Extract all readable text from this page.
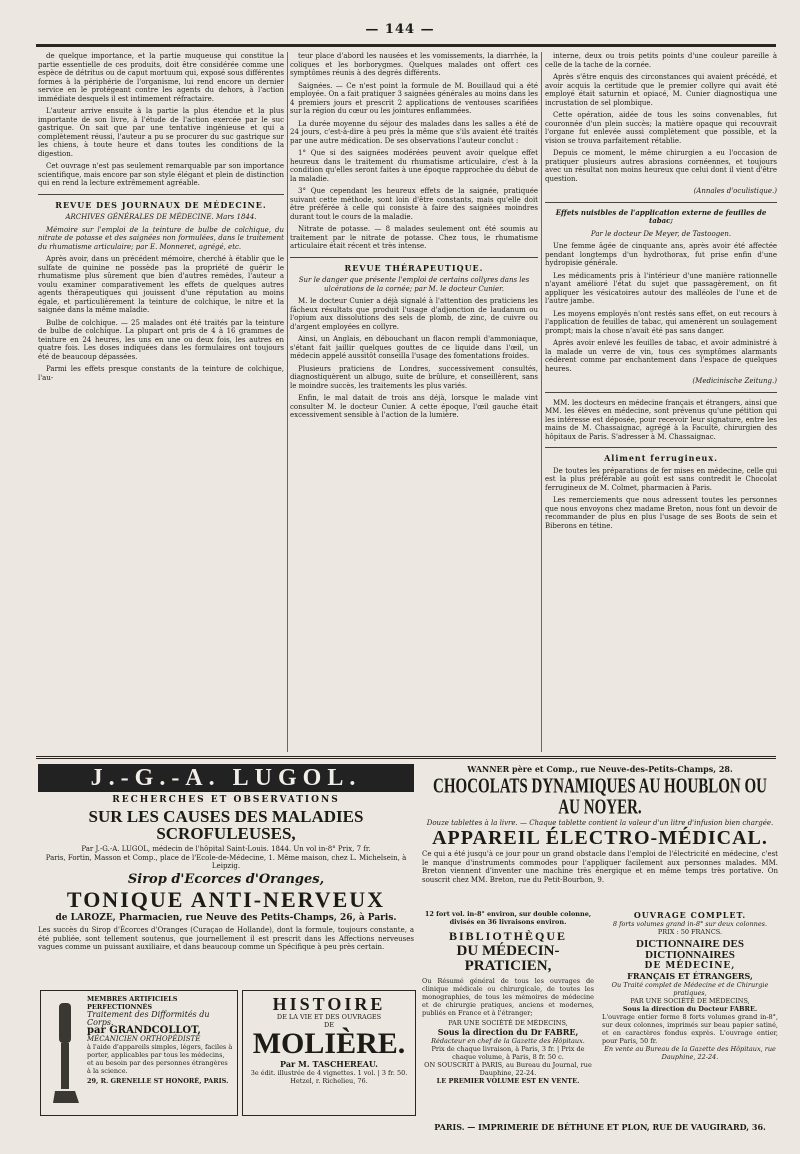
— 144 —

de quelque importance, et la partie muqueuse qui constitue la partie essentielle de ces produits, doit être considérée comme une espèce de détritus ou de caput mortuum qui, exposé sous différentes formes à la périphérie de l'organisme, lui rend encore un dernier service en le protégeant contre les agents du dehors, à l'action immédiate desquels il est intimement réfractaire.

L'auteur arrive ensuite à la partie la plus étendue et la plus importante de son livre, à l'étude de l'action exercée par le suc gastrique. On sait que par une tentative ingénieuse et qui a complètement réussi, l'auteur a pu se procurer du suc gastrique sur les chiens, à toute heure et dans toutes les conditions de la digestion.

Cet ouvrage n'est pas seulement remarquable par son importance scientifique, mais encore par son style élégant et plein de distinction qui en rend la lecture extrêmement agréable.

REVUE DES JOURNAUX DE MÉDECINE.
ARCHIVES GÉNÉRALES DE MÉDECINE. Mars 1844.

Mémoire sur l'emploi de la teinture de bulbe de colchique, du nitrate de potasse et des saignées non formulées, dans le traitement du rhumatisme articulaire; par E. Monneret, agrégé, etc.

Après avoir, dans un précédent mémoire, cherché à établir que le sulfate de quinine ne possède pas la propriété de guérir le rhumatisme plus sûrement que bien d'autres remèdes, l'auteur a voulu examiner comparativement les effets de quelques autres agents thérapeutiques qui jouissent d'une réputation au moins égale, et particulièrement la teinture de colchique, le nitre et la saignée dans la même maladie.

Bulbe de colchique. — 25 malades ont été traités par la teinture de bulbe de colchique. La plupart ont pris de 4 à 16 grammes de teinture en 24 heures, les uns en une ou deux fois, les autres en quatre fois. Les doses indiquées dans les formulaires ont toujours été de beaucoup dépassées.

Parmi les effets presque constants de la teinture de colchique, l'au-

teur place d'abord les nausées et les vomissements, la diarrhée, la coliques et les borborygmes. Quelques malades ont offert ces symptômes réunis à des degrés différents.

Saignées. — Ce n'est point la formule de M. Bouillaud qui a été employée. On a fait pratiquer 3 saignées générales au moins dans les 4 premiers jours et prescrit 2 applications de ventouses scarifiées sur la région du cœur ou les jointures enflammées.

La durée moyenne du séjour des malades dans les salles a été de 24 jours, c'est-à-dire à peu près la même que s'ils avaient été traités par une autre médication. De ses observations l'auteur conclut :

1° Que si des saignées modérées peuvent avoir quelque effet heureux dans le traitement du rhumatisme articulaire, c'est à la condition qu'elles seront faites à une époque rapprochée du début de la maladie.

3° Que cependant les heureux effets de la saignée, pratiquée suivant cette méthode, sont loin d'être constants, mais qu'elle doit être préférée à celle qui consiste à faire des saignées moindres durant tout le cours de la maladie.

Nitrate de potasse. — 8 malades seulement ont été soumis au traitement par le nitrate de potasse. Chez tous, le rhumatisme articulaire était récent et très intense.

REVUE THÉRAPEUTIQUE.
Sur le danger que présente l'emploi de certains collyres dans les ulcérations de la cornée; par M. le docteur Cunier.

M. le docteur Cunier a déjà signalé à l'attention des praticiens les fâcheux résultats que produit l'usage d'adjonction de laudanum ou l'opium aux dissolutions des sels de plomb, de zinc, de cuivre ou d'argent employées en collyre.

Ainsi, un Anglais, en débouchant un flacon rempli d'ammoniaque, s'étant fait jaillir quelques gouttes de ce liquide dans l'œil, un médecin appelé aussitôt conseilla l'usage des fomentations froides.

Plusieurs praticiens de Londres, successivement consultés, diagnostiquèrent un albugo, suite de brûlure, et conseillèrent, sans le moindre succès, les traitements les plus variés.

Enfin, le mal datait de trois ans déjà, lorsque le malade vint consulter M. le docteur Cunier. A cette époque, l'œil gauche était excessivement sensible à l'action de la lumière.

interne, deux ou trois petits points d'une couleur pareille à celle de la tache de la cornée.

Après s'être enquis des circonstances qui avaient précédé, et avoir acquis la certitude que le premier collyre qui avait été employé était saturnin et opiacé, M. Cunier diagnostiqua une incrustation de sel plombique.

Cette opération, aidée de tous les soins convenables, fut couronnée d'un plein succès; la matière opaque qui recouvrait l'organe fut enlevée aussi complètement que possible, et la vision se trouva parfaitement rétablie.

Depuis ce moment, le même chirurgien a eu l'occasion de pratiquer plusieurs autres abrasions cornéennes, et toujours avec un résultat non moins heureux que celui dont il vient d'être question.

(Annales d'oculistique.)
Effets nuisibles de l'application externe de feuilles de tabac;
Par le docteur De Meyer, de Tastoogen.

Une femme âgée de cinquante ans, après avoir été affectée pendant longtemps d'un hydrothorax, fut prise enfin d'une hydropisie générale.

Les médicaments pris à l'intérieur d'une manière rationnelle n'ayant amélioré l'état du sujet que passagèrement, on fit appliquer les vésicatoires autour des malléoles de l'une et de l'autre jambe.

Les moyens employés n'ont restés sans effet, on eut recours à l'application de feuilles de tabac, qui amenèrent un soulagement prompt; mais la chose n'avait été pas sans danger.

Après avoir enlevé les feuilles de tabac, et avoir administré à la malade un verre de vin, tous ces symptômes alarmants cédèrent comme par enchantement dans l'espace de quelques heures.

(Medicinische Zeitung.)

MM. les docteurs en médecine français et étrangers, ainsi que MM. les élèves en médecine, sont prévenus qu'une pétition qui les intéresse est déposée, pour recevoir leur signature, entre les mains de M. Chassaignac, agrégé à la Faculté, chirurgien des hôpitaux de Paris. S'adresser à M. Chassaignac.

Aliment ferrugineux.

De toutes les préparations de fer mises en médecine, celle qui est la plus préférable au goût est sans contredit le Chocolat ferrugineux de M. Colmet, pharmacien à Paris.

Les remerciements que nous adressent toutes les personnes que nous envoyons chez madame Breton, nous font un devoir de recommander de plus en plus l'usage de ses Boots de sein et Biberons en tétine.

J.-G.-A. LUGOL.
RECHERCHES ET OBSERVATIONS
SUR LES CAUSES DES MALADIES SCROFULEUSES,
Par J.-G.-A. LUGOL, médecin de l'hôpital Saint-Louis. 1844. Un vol in-8° Prix, 7 fr.
Paris, Fortin, Masson et Comp., place de l'Ecole-de-Médecine, 1. Même maison, chez L. Michelsein, à Leipzig.
Sirop d'Ecorces d'Oranges,
TONIQUE ANTI-NERVEUX
de LAROZE, Pharmacien, rue Neuve des Petits-Champs, 26, à Paris.
Les succès du Sirop d'Écorces d'Oranges (Curaçao de Hollande), dont la formule, toujours constante, a été publiée, sont tellement soutenus, que journellement il est prescrit dans les Affections nerveuses vagues comme un puissant auxiliaire, et dans beaucoup comme un Spécifique à peu près certain.
MEMBRES ARTIFICIELS PERFECTIONNÉS
Traitement des Difformités du Corps.
par GRANDCOLLOT,
MÉCANICIEN ORTHOPÉDISTE
à l'aide d'appareils simples, légers, faciles à porter, applicables par tous les médecins, et au besoin par des personnes étrangères à la science.
29, R. GRENELLE ST HONORÉ, PARIS.
HISTOIRE
DE LA VIE ET DES OUVRAGES
DE
MOLIÈRE.
Par M. TASCHEREAU.
3e édit. illustrée de 4 vignettes. 1 vol. | 3 fr. 50. Hetzel, r. Richelieu, 76.
WANNER père et Comp., rue Neuve-des-Petits-Champs, 28.
CHOCOLATS DYNAMIQUES AU HOUBLON OU AU NOYER.
Douze tablettes à la livre. — Chaque tablette contient la valeur d'un litre d'infusion bien chargée.
APPAREIL ÉLECTRO-MÉDICAL.
Ce qui a été jusqu'à ce jour pour un grand obstacle dans l'emploi de l'électricité en médecine, c'est le manque d'instruments commodes pour l'appliquer facilement aux personnes malades. MM. Breton viennent d'inventer une machine très énergique et en même temps très portative. On souscrit chez MM. Breton, rue du Petit-Bourbon, 9.
12 fort vol. in-8° environ, sur double colonne, divisés en 36 livraisons environ.
BIBLIOTHÈQUE
DU MÉDECIN-PRATICIEN,
Ou Résumé général de tous les ouvrages de clinique médicale ou chirurgicale, de toutes les monographies, de tous les mémoires de médecine et de chirurgie pratiques, anciens et modernes, publiés en France et à l'étranger;
PAR UNE SOCIÉTÉ DE MÉDECINS,
Sous la direction du Dr FABRE,
Rédacteur en chef de la Gazette des Hôpitaux.
Prix de chaque livraison, à Paris, 3 fr. | Prix de chaque volume, à Paris, 8 fr. 50 c.
ON SOUSCRIT à PARIS, au Bureau du Journal, rue Dauphine, 22-24.
LE PREMIER VOLUME EST EN VENTE.
OUVRAGE COMPLET.
8 forts volumes grand in-8° sur deux colonnes.
PRIX : 50 FRANCS.
DICTIONNAIRE DES DICTIONNAIRES
DE MÉDECINE,
FRANÇAIS ET ÉTRANGERS,
Ou Traité complet de Médecine et de Chirurgie pratiques,
PAR UNE SOCIÉTÉ DE MÉDECINS,
Sous la direction du Docteur FABRE.
L'ouvrage entier forme 8 forts volumes grand in-8°, sur deux colonnes, imprimés sur beau papier satiné, et en caractères fondus exprès. L'ouvrage entier, pour Paris, 50 fr.
En vente au Bureau de la Gazette des Hôpitaux, rue Dauphine, 22-24.
PARIS. — IMPRIMERIE DE BÉTHUNE ET PLON, RUE DE VAUGIRARD, 36.
